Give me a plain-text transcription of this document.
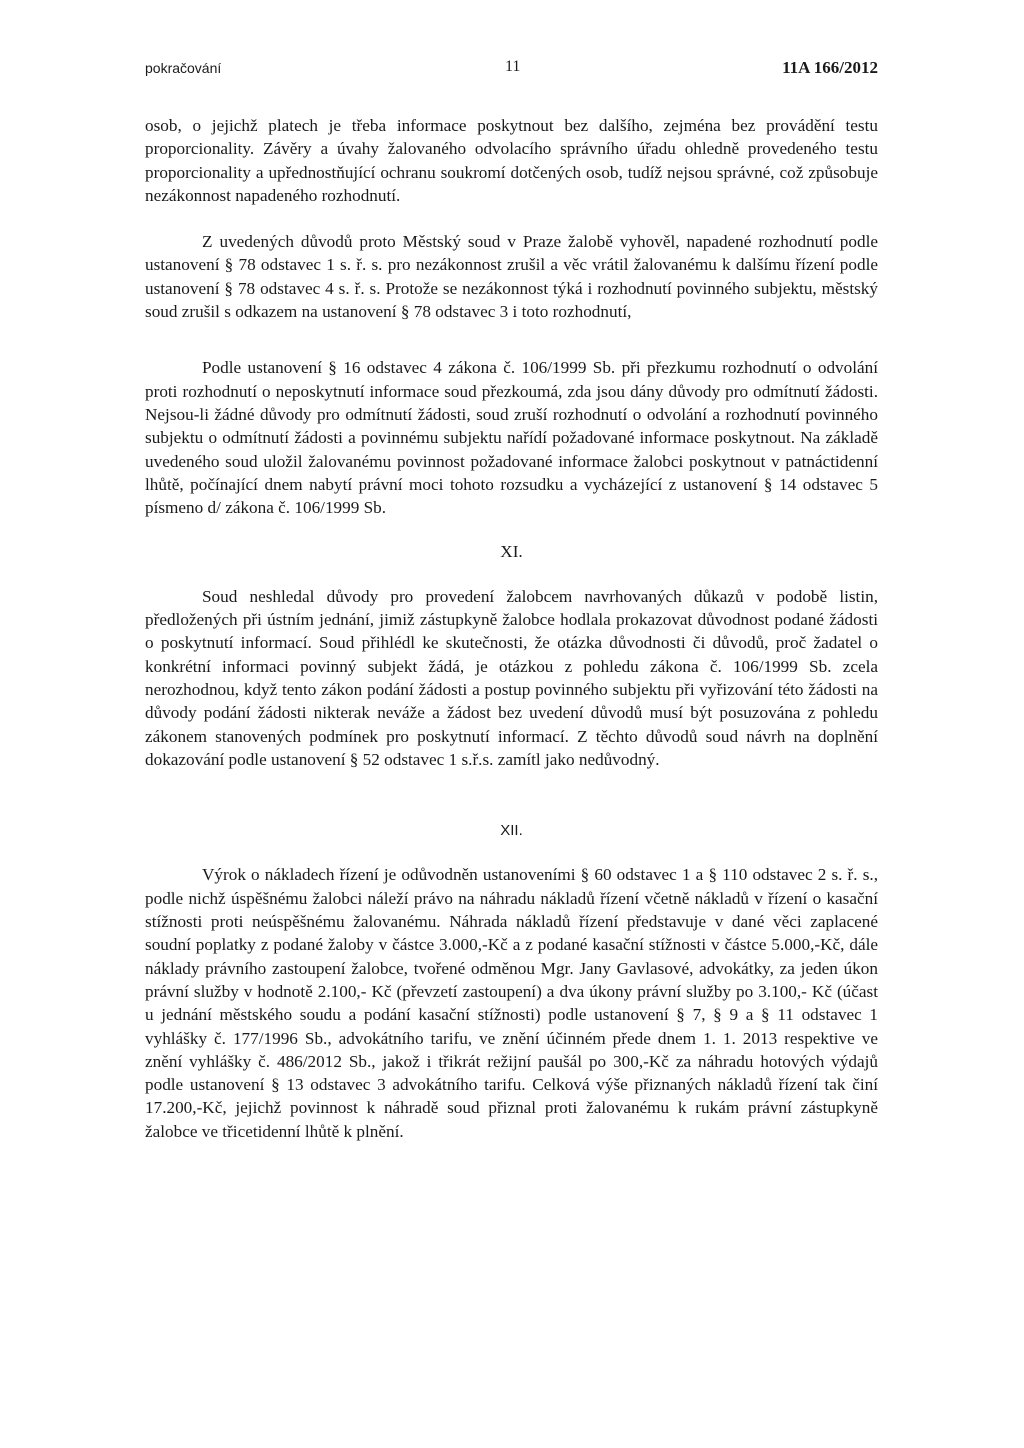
pokračování	11	11A 166/2012

osob, o jejichž platech je třeba informace poskytnout bez dalšího, zejména bez provádění testu proporcionality. Závěry a úvahy žalovaného odvolacího správního úřadu ohledně provedeného testu proporcionality a upřednostňující ochranu soukromí dotčených osob, tudíž nejsou správné, což způsobuje nezákonnost napadeného rozhodnutí.

Z uvedených důvodů proto Městský soud v Praze žalobě vyhověl, napadené rozhodnutí podle ustanovení § 78 odstavec 1 s. ř. s. pro nezákonnost zrušil a věc vrátil žalovanému k dalšímu řízení podle ustanovení § 78 odstavec 4 s. ř. s. Protože se nezákonnost týká i rozhodnutí povinného subjektu, městský soud zrušil s odkazem na ustanovení § 78 odstavec 3 i toto rozhodnutí,

Podle ustanovení § 16 odstavec 4 zákona č. 106/1999 Sb. při přezkumu rozhodnutí o odvolání proti rozhodnutí o neposkytnutí informace soud přezkoumá, zda jsou dány důvody pro odmítnutí žádosti. Nejsou-li žádné důvody pro odmítnutí žádosti, soud zruší rozhodnutí o odvolání a rozhodnutí povinného subjektu o odmítnutí žádosti a povinnému subjektu nařídí požadované informace poskytnout. Na základě uvedeného soud uložil žalovanému povinnost požadované informace žalobci poskytnout v patnáctidenní lhůtě, počínající dnem nabytí právní moci tohoto rozsudku a vycházející z ustanovení § 14 odstavec 5 písmeno d/ zákona č. 106/1999 Sb.

XI.

Soud neshledal důvody pro provedení žalobcem navrhovaných důkazů v podobě listin, předložených při ústním jednání, jimiž zástupkyně žalobce hodlala prokazovat důvodnost podané žádosti o poskytnutí informací. Soud přihlédl ke skutečnosti, že otázka důvodnosti či důvodů, proč žadatel o konkrétní informaci povinný subjekt žádá, je otázkou z pohledu zákona č. 106/1999 Sb. zcela nerozhodnou, když tento zákon podání žádosti a postup povinného subjektu při vyřizování této žádosti na důvody podání žádosti nikterak neváže a žádost bez uvedení důvodů musí být posuzována z pohledu zákonem stanovených podmínek pro poskytnutí informací. Z těchto důvodů soud návrh na doplnění dokazování podle ustanovení § 52 odstavec 1 s.ř.s. zamítl jako nedůvodný.

XII.

Výrok o nákladech řízení je odůvodněn ustanoveními § 60 odstavec 1 a § 110 odstavec 2 s. ř. s., podle nichž úspěšnému žalobci náleží právo na náhradu nákladů řízení včetně nákladů v řízení o kasační stížnosti proti neúspěšnému žalovanému. Náhrada nákladů řízení představuje v dané věci zaplacené soudní poplatky z podané žaloby v částce 3.000,-Kč a z podané kasační stížnosti v částce 5.000,-Kč, dále náklady právního zastoupení žalobce, tvořené odměnou Mgr. Jany Gavlasové, advokátky, za jeden úkon právní služby v hodnotě 2.100,- Kč (převzetí zastoupení) a dva úkony právní služby po 3.100,- Kč (účast u jednání městského soudu a podání kasační stížnosti) podle ustanovení § 7, § 9 a § 11 odstavec 1 vyhlášky č. 177/1996 Sb., advokátního tarifu, ve znění účinném přede dnem 1. 1. 2013 respektive ve znění vyhlášky č. 486/2012 Sb., jakož i třikrát režijní paušál po 300,-Kč za náhradu hotových výdajů podle ustanovení § 13 odstavec 3 advokátního tarifu. Celková výše přiznaných nákladů řízení tak činí 17.200,-Kč, jejichž povinnost k náhradě soud přiznal proti žalovanému k rukám právní zástupkyně žalobce ve třicetidenní lhůtě k plnění.
